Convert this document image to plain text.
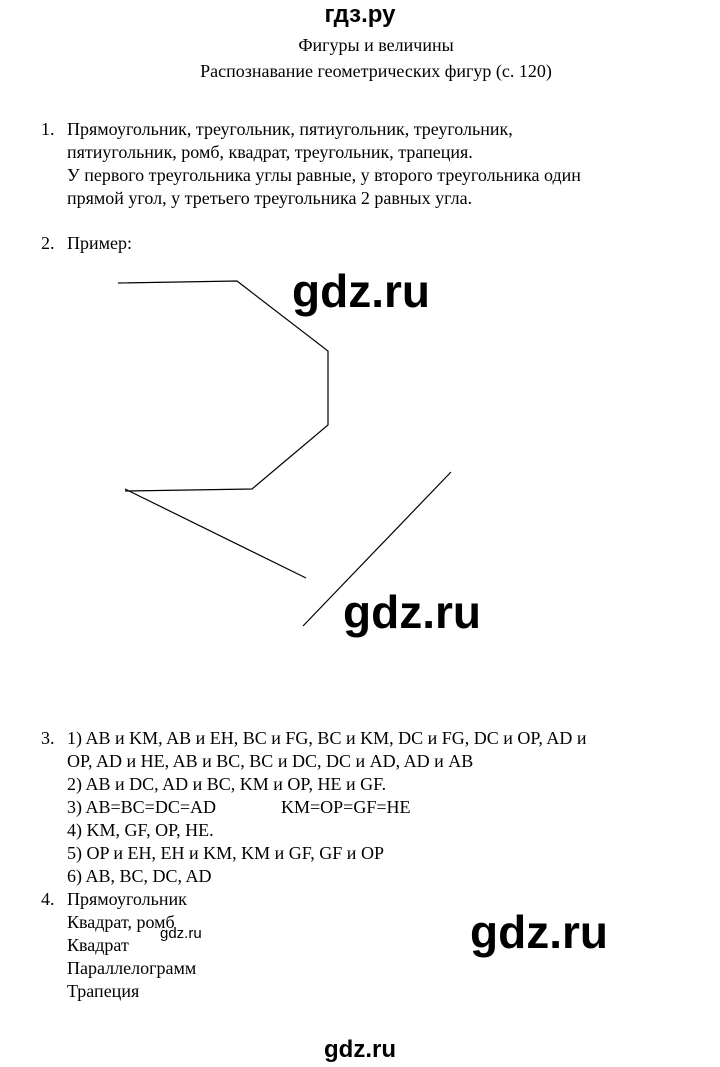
гдз.ру
Фигуры и величины
Распознавание геометрических фигур (с. 120)
1. Прямоугольник, треугольник, пятиугольник, треугольник,
пятиугольник, ромб, квадрат, треугольник, трапеция.
У первого треугольника углы равные, у второго треугольника один
прямой угол, у третьего треугольника 2 равных угла.
2. Пример:
gdz.ru
gdz.ru
3. 1) AB и KM, AB и EH, BC и FG, BC и KM, DC и FG, DC и OP, AD и
OP, AD и HE, AB и BC, BC и DC, DC и AD, AD и AB
2) AB и DC, AD и BC, KM и OP, HE и GF.
3) AB=BC=DC=AD	KM=OP=GF=HE
4) KM, GF, OP, HE.
5) OP и EH, EH и KM, KM и GF, GF и OP
6) AB, BC, DC, AD
4. Прямоугольник
Квадрат, ромб
Квадрат
Параллелограмм
Трапеция
gdz.ru	gdz.ru
gdz.ru
